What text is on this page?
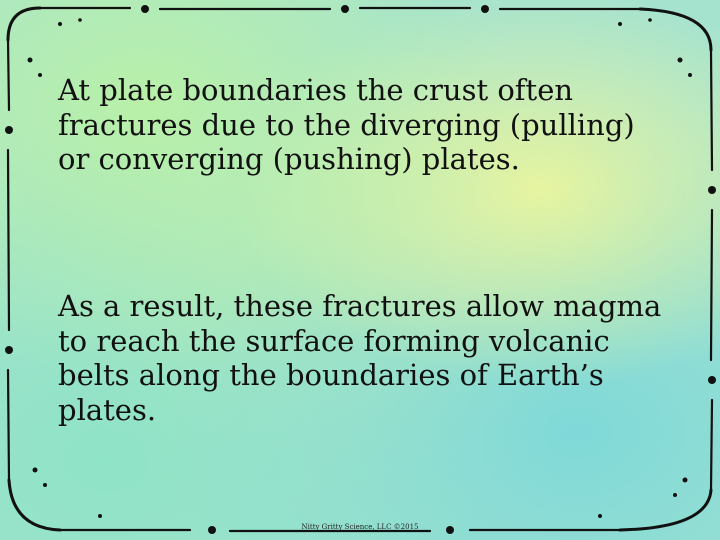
At plate boundaries the crust often fractures due to the diverging (pulling) or converging (pushing) plates.

As a result, these fractures allow magma to reach the surface forming volcanic belts along the boundaries of Earth’s plates.

Nitty Gritty Science, LLC ©2015
